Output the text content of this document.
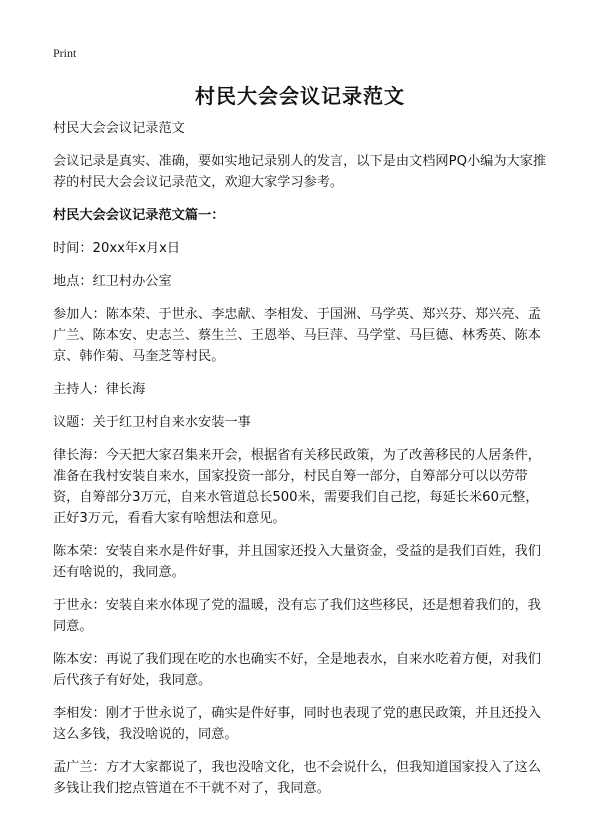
Print
村民大会会议记录范文

村民大会会议记录范文

会议记录是真实、准确，要如实地记录别人的发言，以下是由文档网PQ小编为大家推荐的村民大会会议记录范文，欢迎大家学习参考。

村民大会会议记录范文篇一：

时间：20xx年x月x日

地点：红卫村办公室

参加人：陈本荣、于世永、李忠献、李相发、于国洲、马学英、郑兴芬、郑兴亮、孟广兰、陈本安、史志兰、蔡生兰、王恩举、马巨萍、马学堂、马巨德、林秀英、陈本京、韩作菊、马奎芝等村民。

主持人：律长海

议题：关于红卫村自来水安装一事

律长海：今天把大家召集来开会，根据省有关移民政策，为了改善移民的人居条件，准备在我村安装自来水，国家投资一部分，村民自筹一部分，自筹部分可以以劳带资，自筹部分3万元，自来水管道总长500米，需要我们自己挖，每延长米60元整，正好3万元，看看大家有啥想法和意见。

陈本荣：安装自来水是件好事，并且国家还投入大量资金，受益的是我们百姓，我们还有啥说的，我同意。

于世永：安装自来水体现了党的温暖，没有忘了我们这些移民，还是想着我们的，我同意。

陈本安：再说了我们现在吃的水也确实不好，全是地表水，自来水吃着方便，对我们后代孩子有好处，我同意。

李相发：刚才于世永说了，确实是件好事，同时也表现了党的惠民政策，并且还投入这么多钱，我没啥说的，同意。

孟广兰：方才大家都说了，我也没啥文化，也不会说什么，但我知道国家投入了这么多钱让我们挖点管道在不干就不对了，我同意。
